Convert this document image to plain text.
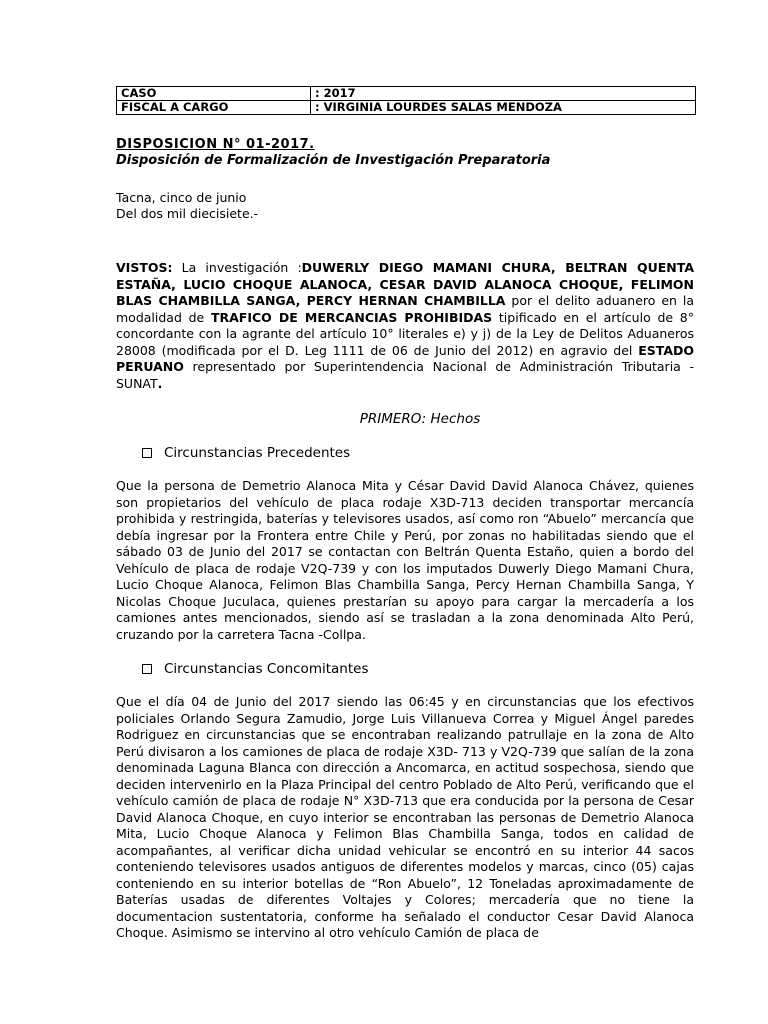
CASO	: 2017
FISCAL A CARGO	: VIRGINIA LOURDES SALAS MENDOZA
DISPOSICION N° 01-2017.
Disposición de Formalización de Investigación Preparatoria
Tacna, cinco de junio
Del dos mil diecisiete.-
VISTOS: La investigación :DUWERLY DIEGO MAMANI CHURA, BELTRAN QUENTA ESTAÑA, LUCIO CHOQUE ALANOCA, CESAR DAVID ALANOCA CHOQUE, FELIMON BLAS CHAMBILLA SANGA, PERCY HERNAN CHAMBILLA por el delito aduanero en la modalidad de TRAFICO DE MERCANCIAS PROHIBIDAS tipificado en el artículo de 8° concordante con la agrante del artículo 10° literales e) y j) de la Ley de Delitos Aduaneros 28008 (modificada por el D. Leg 1111 de 06 de Junio del 2012) en agravio del ESTADO PERUANO representado por Superintendencia Nacional de Administración Tributaria - SUNAT.
PRIMERO: Hechos
Circunstancias Precedentes
Que la persona de Demetrio Alanoca Mita y César David David Alanoca Chávez, quienes son propietarios del vehículo de placa rodaje X3D-713 deciden transportar mercancía prohibida y restringida, baterías y televisores usados, así como ron “Abuelo” mercancía que debía ingresar por la Frontera entre Chile y Perú, por zonas no habilitadas siendo que el sábado 03 de Junio del 2017 se contactan con Beltrán Quenta Estaño, quien a bordo del Vehículo de placa de rodaje V2Q-739 y con los imputados Duwerly Diego Mamani Chura, Lucio Choque Alanoca, Felimon Blas Chambilla Sanga, Percy Hernan Chambilla Sanga, Y Nicolas Choque Juculaca, quienes prestarían su apoyo para cargar la mercadería a los camiones antes mencionados, siendo así se trasladan a la zona denominada Alto Perú, cruzando por la carretera Tacna -Collpa.
Circunstancias Concomitantes
Que el día 04 de Junio del 2017 siendo las 06:45 y en circunstancias que los efectivos policiales Orlando Segura Zamudio, Jorge Luis Villanueva Correa y Miguel Ángel paredes Rodriguez en circunstancias que se encontraban realizando patrullaje en la zona de Alto Perú divisaron a los camiones de placa de rodaje X3D- 713 y V2Q-739 que salían de la zona denominada Laguna Blanca con dirección a Ancomarca, en actitud sospechosa, siendo que deciden intervenirlo en la Plaza Principal del centro Poblado de Alto Perú, verificando que el vehículo camión de placa de rodaje N° X3D-713 que era conducida por la persona de Cesar David Alanoca Choque, en cuyo interior se encontraban las personas de Demetrio Alanoca Mita, Lucio Choque Alanoca y Felimon Blas Chambilla Sanga, todos en calidad de acompañantes, al verificar dicha unidad vehicular se encontró en su interior 44 sacos conteniendo televisores usados antiguos de diferentes modelos y marcas, cinco (05) cajas conteniendo en su interior botellas de “Ron Abuelo”, 12 Toneladas aproximadamente de Baterías usadas de diferentes Voltajes y Colores; mercadería que no tiene la documentacion sustentatoria, conforme ha señalado el conductor Cesar David Alanoca Choque. Asimismo se intervino al otro vehículo Camión de placa de
